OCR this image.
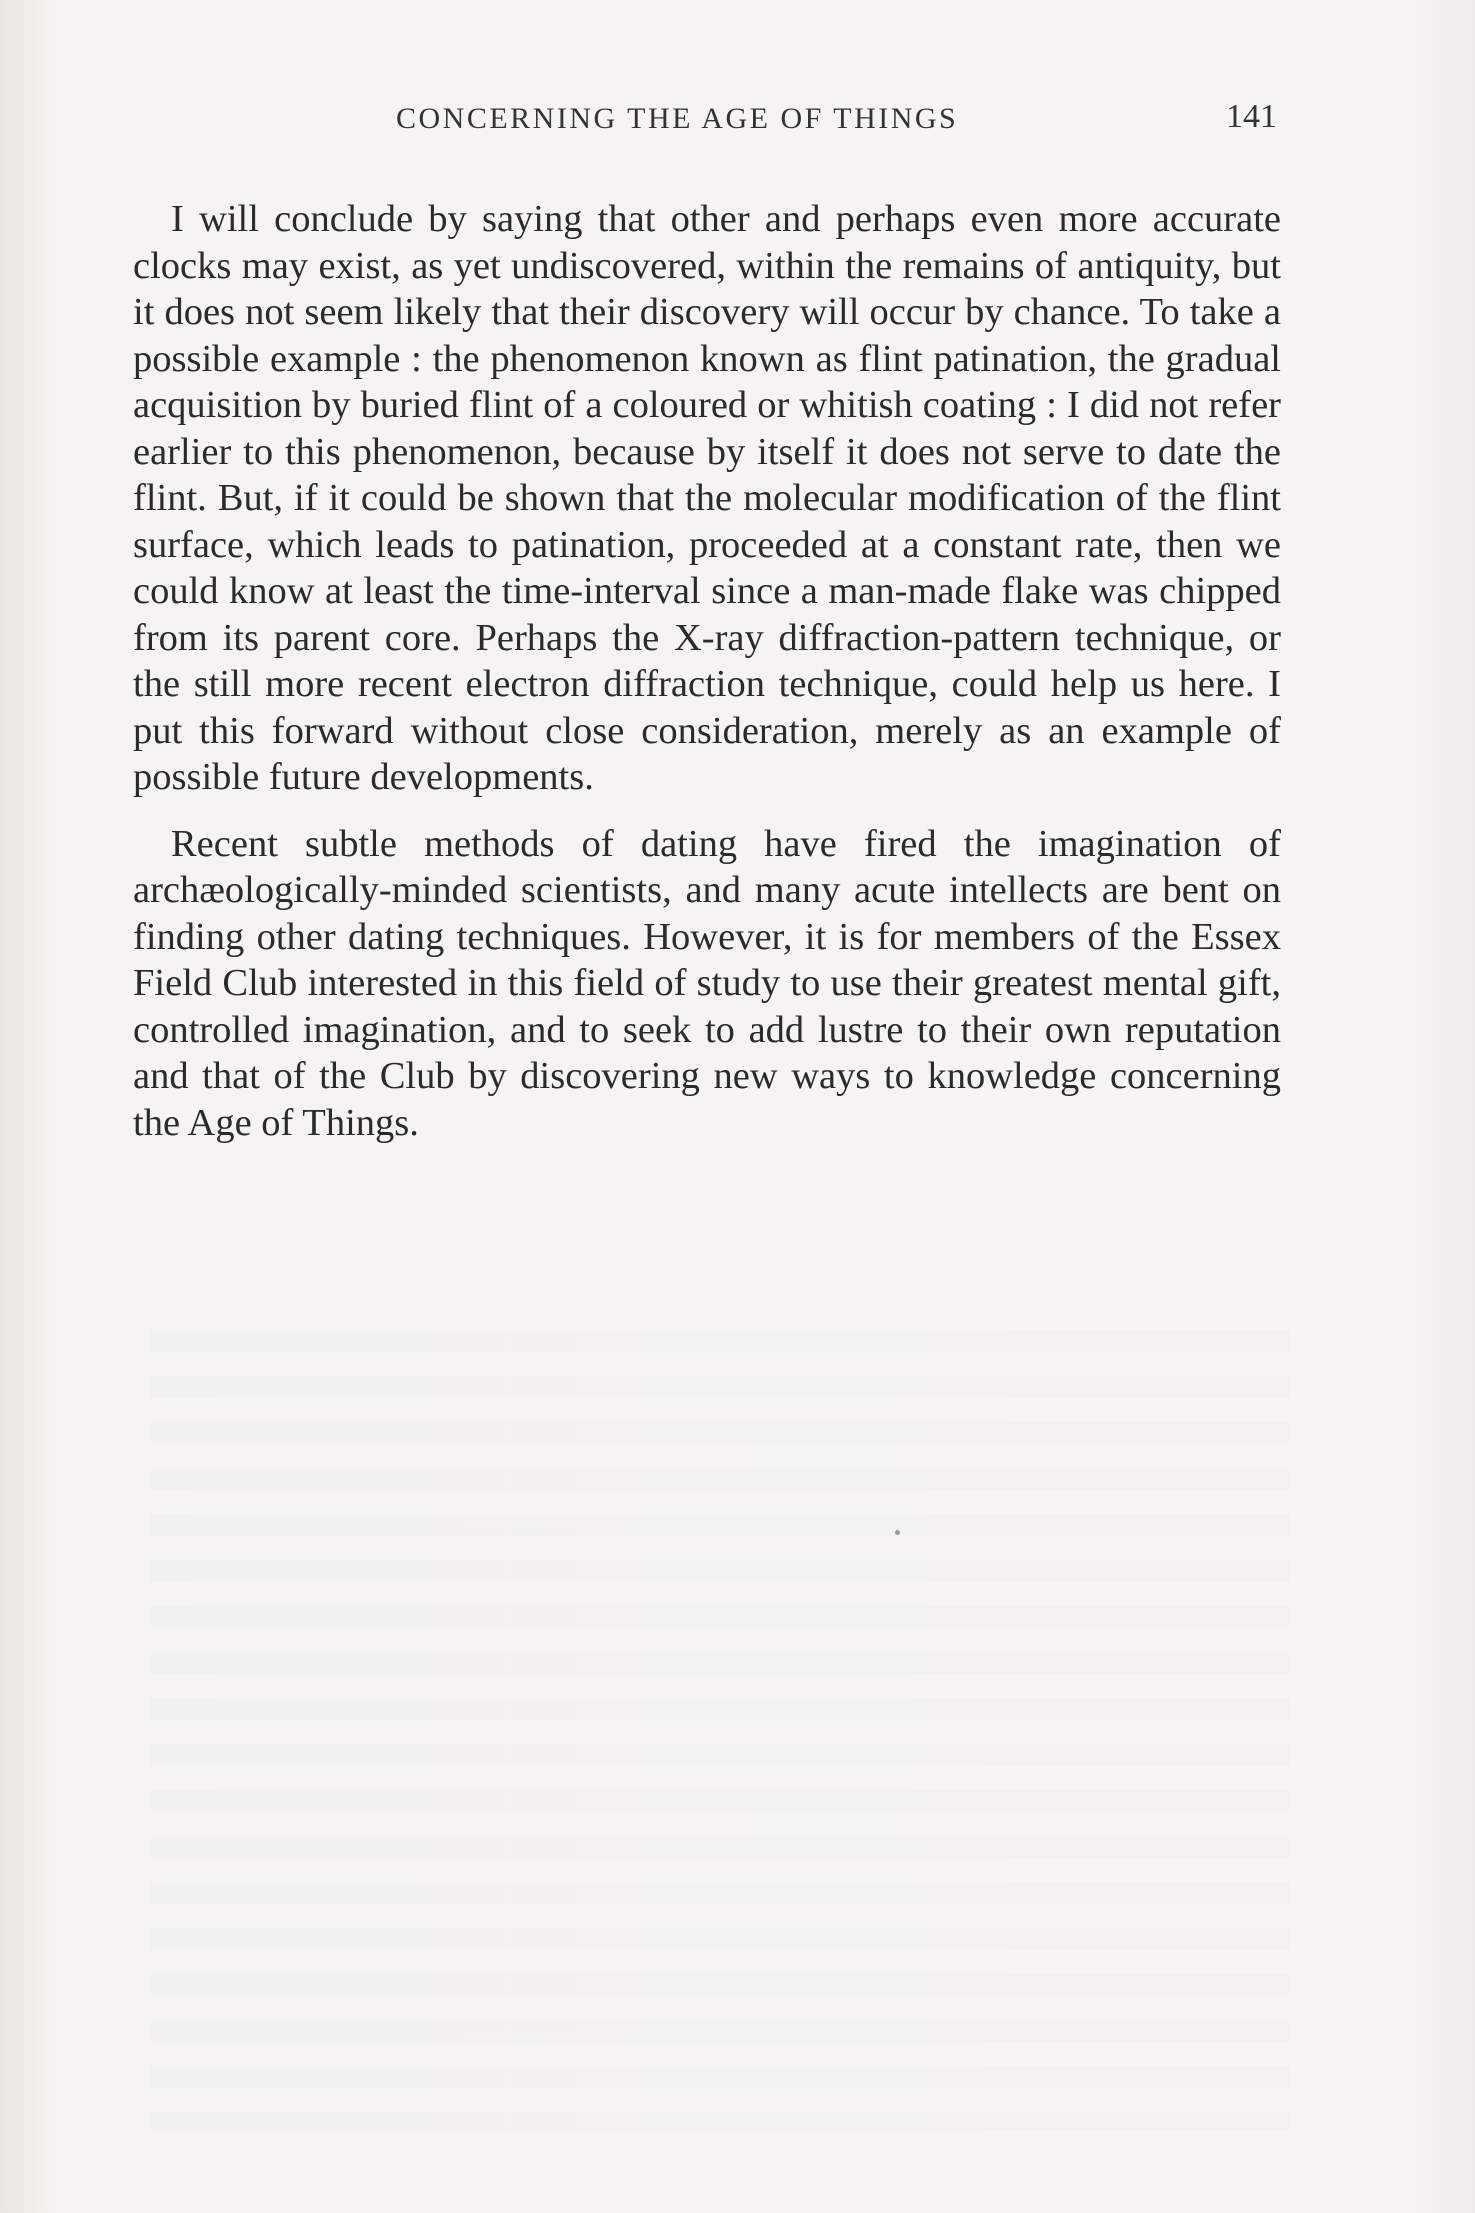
CONCERNING THE AGE OF THINGS	141

I will conclude by saying that other and perhaps even more accurate clocks may exist, as yet undiscovered, within the remains of antiquity, but it does not seem likely that their discovery will occur by chance. To take a possible example : the phenomenon known as flint patination, the gradual acquisition by buried flint of a coloured or whitish coating : I did not refer earlier to this phenomenon, because by itself it does not serve to date the flint. But, if it could be shown that the molecular modification of the flint surface, which leads to patination, proceeded at a constant rate, then we could know at least the time-interval since a man-made flake was chipped from its parent core. Perhaps the X-ray diffraction-pattern technique, or the still more recent electron diffraction technique, could help us here. I put this forward without close consideration, merely as an example of possible future developments.

Recent subtle methods of dating have fired the imagination of archæologically-minded scientists, and many acute intellects are bent on finding other dating techniques. However, it is for members of the Essex Field Club interested in this field of study to use their greatest mental gift, controlled imagination, and to seek to add lustre to their own reputation and that of the Club by discovering new ways to knowledge concerning the Age of Things.
